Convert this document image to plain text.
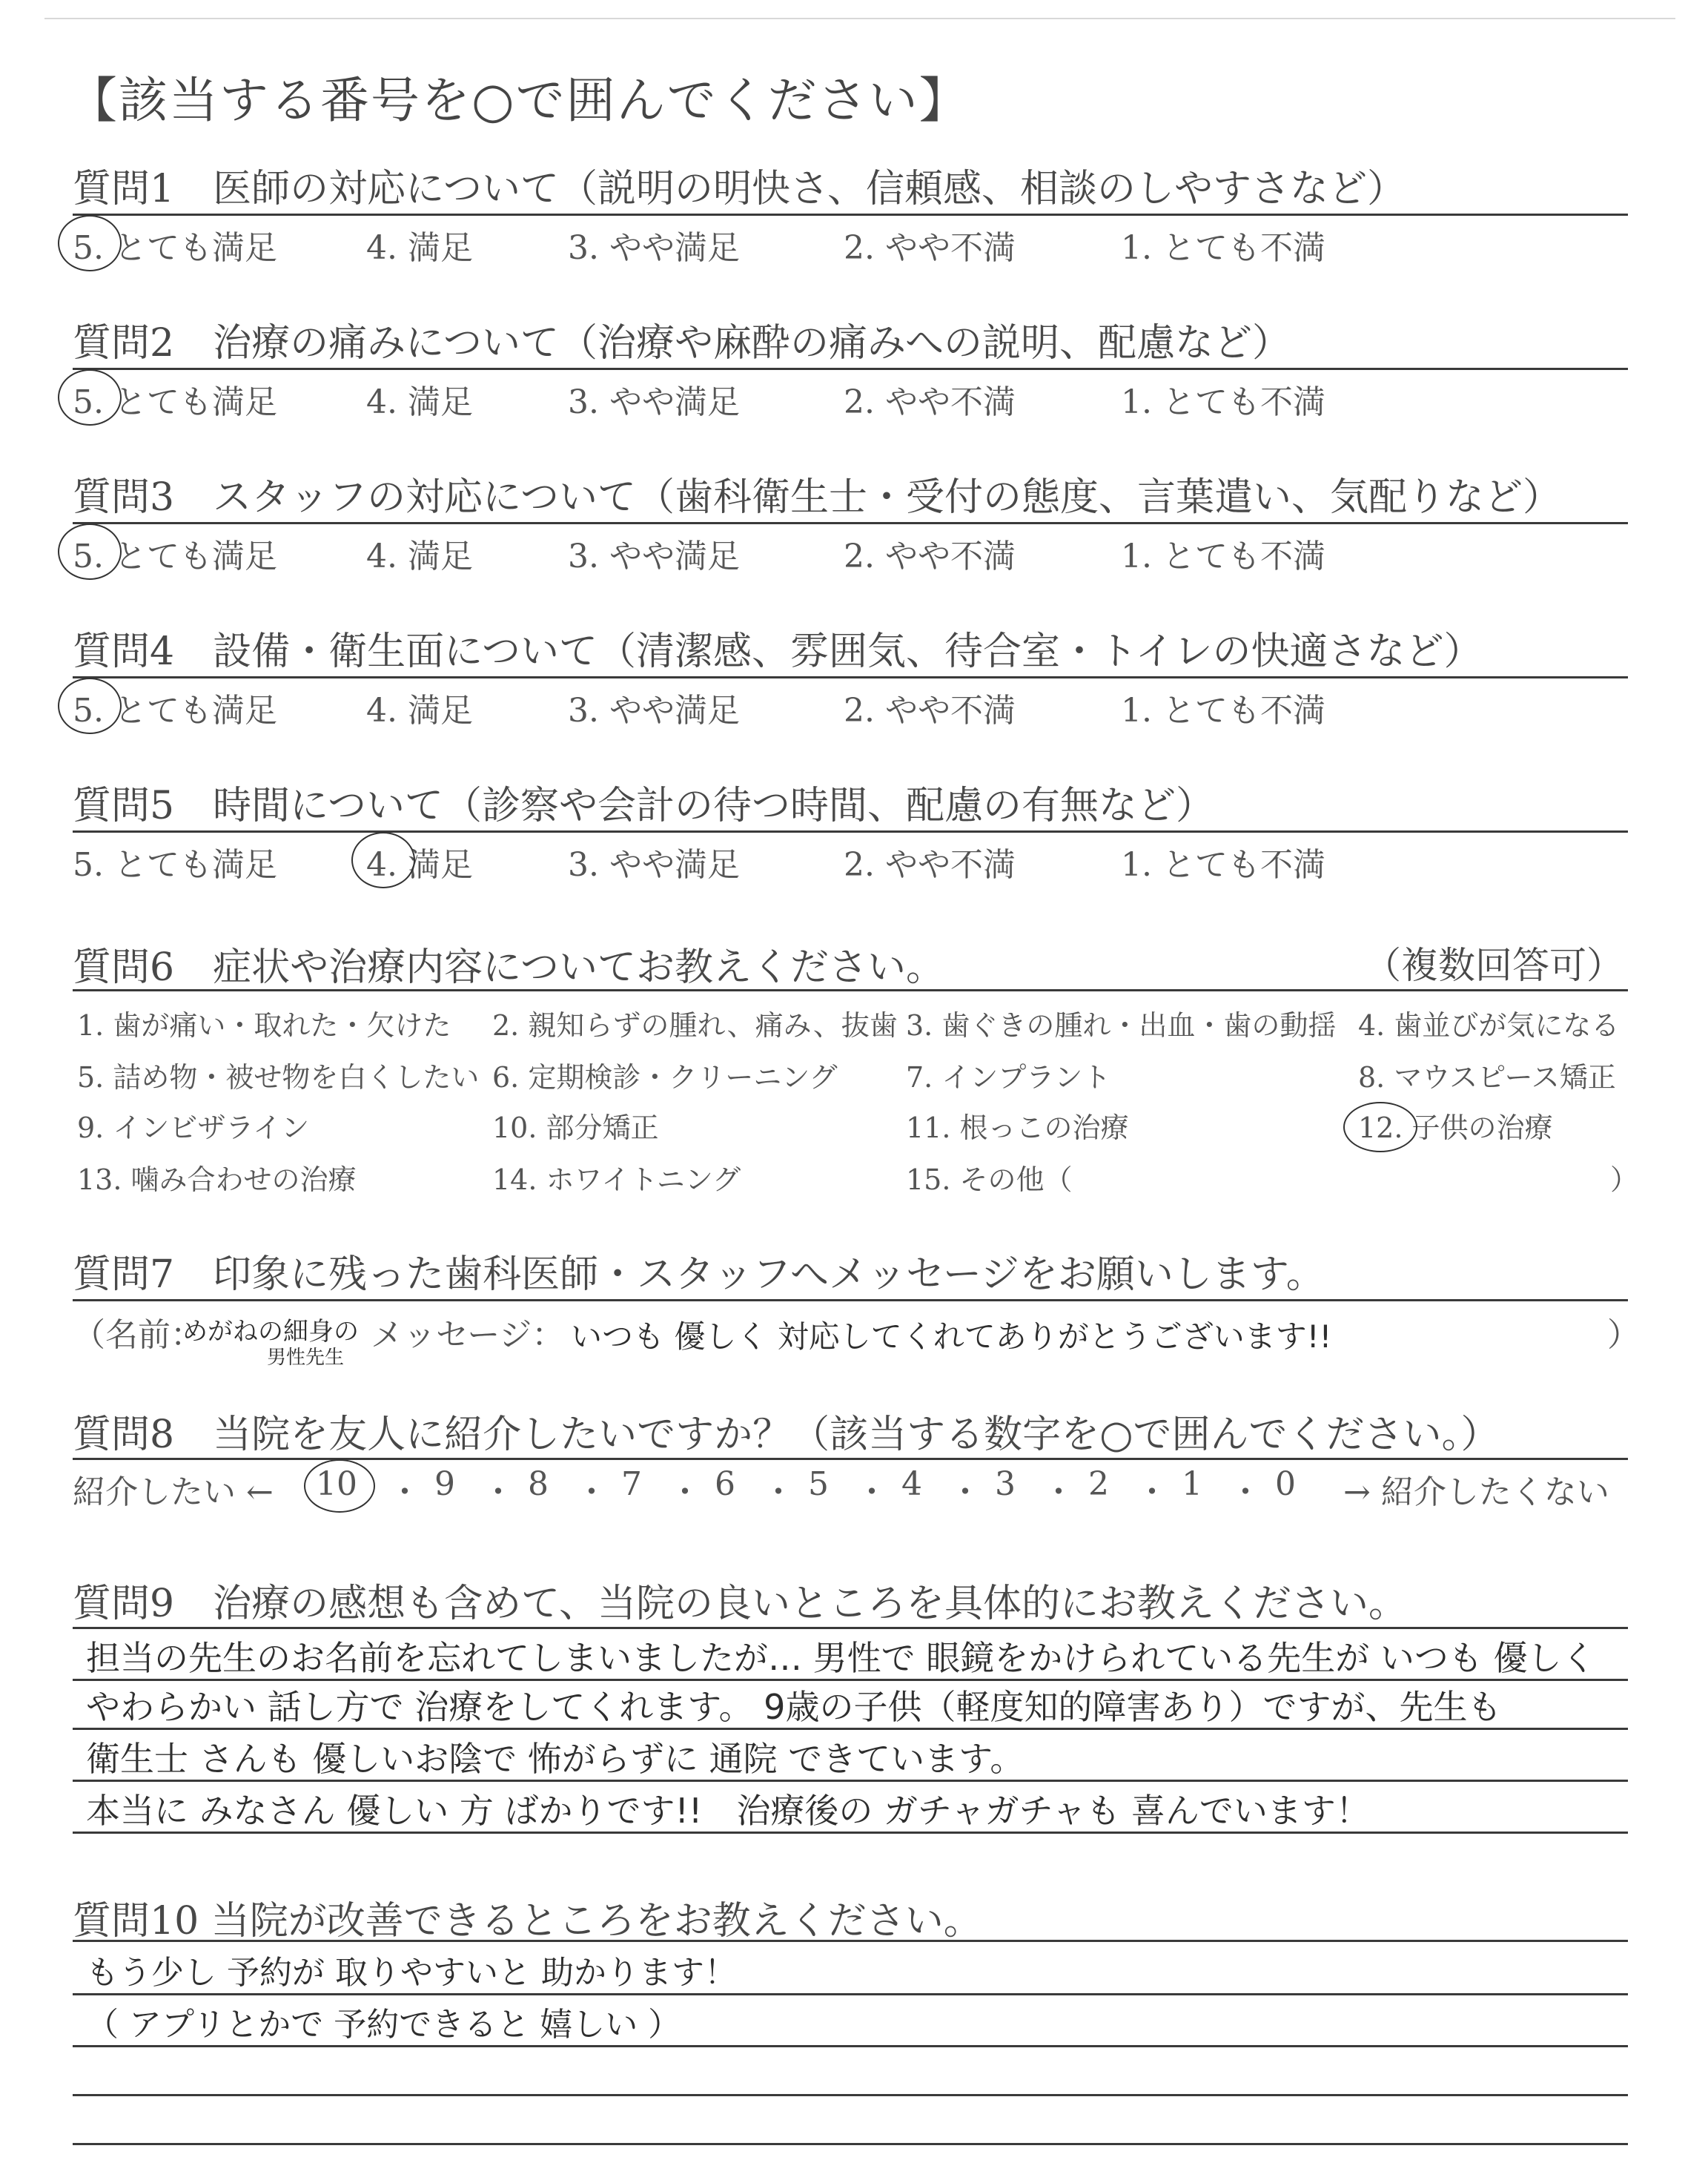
【該当する番号を○で囲んでください】
質問1　医師の対応について（説明の明快さ、信頼感、相談のしやすさなど）
5. とても満足	4. 満足	3. やや満足	2. やや不満	1. とても不満
質問2　治療の痛みについて（治療や麻酔の痛みへの説明、配慮など）
5. とても満足	4. 満足	3. やや満足	2. やや不満	1. とても不満
質問3　スタッフの対応について（歯科衛生士・受付の態度、言葉遣い、気配りなど）
5. とても満足	4. 満足	3. やや満足	2. やや不満	1. とても不満
質問4　設備・衛生面について（清潔感、雰囲気、待合室・トイレの快適さなど）
5. とても満足	4. 満足	3. やや満足	2. やや不満	1. とても不満
質問5　時間について（診察や会計の待つ時間、配慮の有無など）
5. とても満足	4. 満足	3. やや満足	2. やや不満	1. とても不満
質問6　症状や治療内容についてお教えください。	（複数回答可）
1. 歯が痛い・取れた・欠けた 2. 親知らずの腫れ、痛み、抜歯 3. 歯ぐきの腫れ・出血・歯の動揺 4. 歯並びが気になる
5. 詰め物・被せ物を白くしたい 6. 定期検診・クリーニング 7. インプラント	8. マウスピース矯正
9. インビザライン	10. 部分矯正	11. 根っこの治療	12. 子供の治療
13. 噛み合わせの治療	14. ホワイトニング	15. その他（	）
質問7　印象に残った歯科医師・スタッフへメッセージをお願いします。
（名前：
めがねの細身の
男性先生
メッセージ： いつも 優しく 対応してくれてありがとうございます!!	）
質問8　当院を友人に紹介したいですか？（該当する数字を○で囲んでください。）
紹介したい ← 10 ・ 9 ・ 8 ・ 7 ・ 6 ・ 5 ・ 4 ・ 3 ・ 2 ・ 1 ・ 0 → 紹介したくない
質問9　治療の感想も含めて、当院の良いところを具体的にお教えください。
担当の先生のお名前を忘れてしまいましたが… 男性で 眼鏡をかけられている先生が いつも 優しく
やわらかい 話し方で 治療をしてくれます。 9歳の子供（軽度知的障害あり）ですが、先生も
衛生士 さんも 優しいお陰で 怖がらずに 通院 できています。
本当に みなさん 優しい 方 ばかりです!!　治療後の ガチャガチャも 喜んでいます！
質問10 当院が改善できるところをお教えください。
もう少し 予約が 取りやすいと 助かります！
（ アプリとかで 予約できると 嬉しい ）
